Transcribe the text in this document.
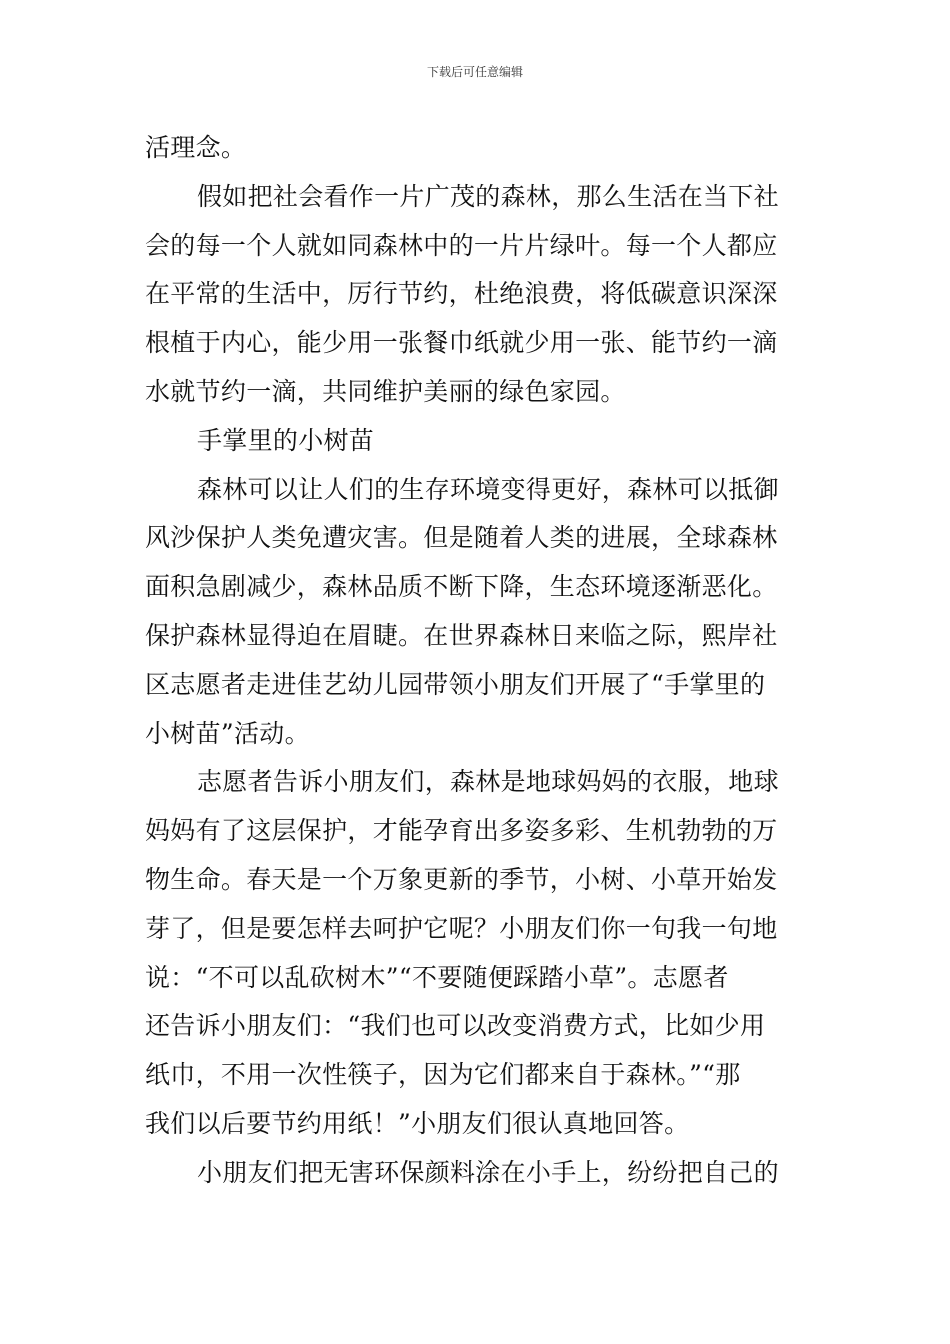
下载后可任意编辑
活理念。
假如把社会看作一片广茂的森林，那么生活在当下社
会的每一个人就如同森林中的一片片绿叶。每一个人都应
在平常的生活中，厉行节约，杜绝浪费，将低碳意识深深
根植于内心，能少用一张餐巾纸就少用一张、能节约一滴
水就节约一滴，共同维护美丽的绿色家园。
手掌里的小树苗
森林可以让人们的生存环境变得更好，森林可以抵御
风沙保护人类免遭灾害。但是随着人类的进展，全球森林
面积急剧减少，森林品质不断下降，生态环境逐渐恶化。
保护森林显得迫在眉睫。在世界森林日来临之际，熙岸社
区志愿者走进佳艺幼儿园带领小朋友们开展了“手掌里的
小树苗”活动。
志愿者告诉小朋友们，森林是地球妈妈的衣服，地球
妈妈有了这层保护，才能孕育出多姿多彩、生机勃勃的万
物生命。春天是一个万象更新的季节，小树、小草开始发
芽了，但是要怎样去呵护它呢？小朋友们你一句我一句地
说：“不可以乱砍树木”“不要随便踩踏小草”。志愿者
还告诉小朋友们：“我们也可以改变消费方式，比如少用
纸巾，不用一次性筷子，因为它们都来自于森林。”“那
我们以后要节约用纸！”小朋友们很认真地回答。
小朋友们把无害环保颜料涂在小手上，纷纷把自己的
